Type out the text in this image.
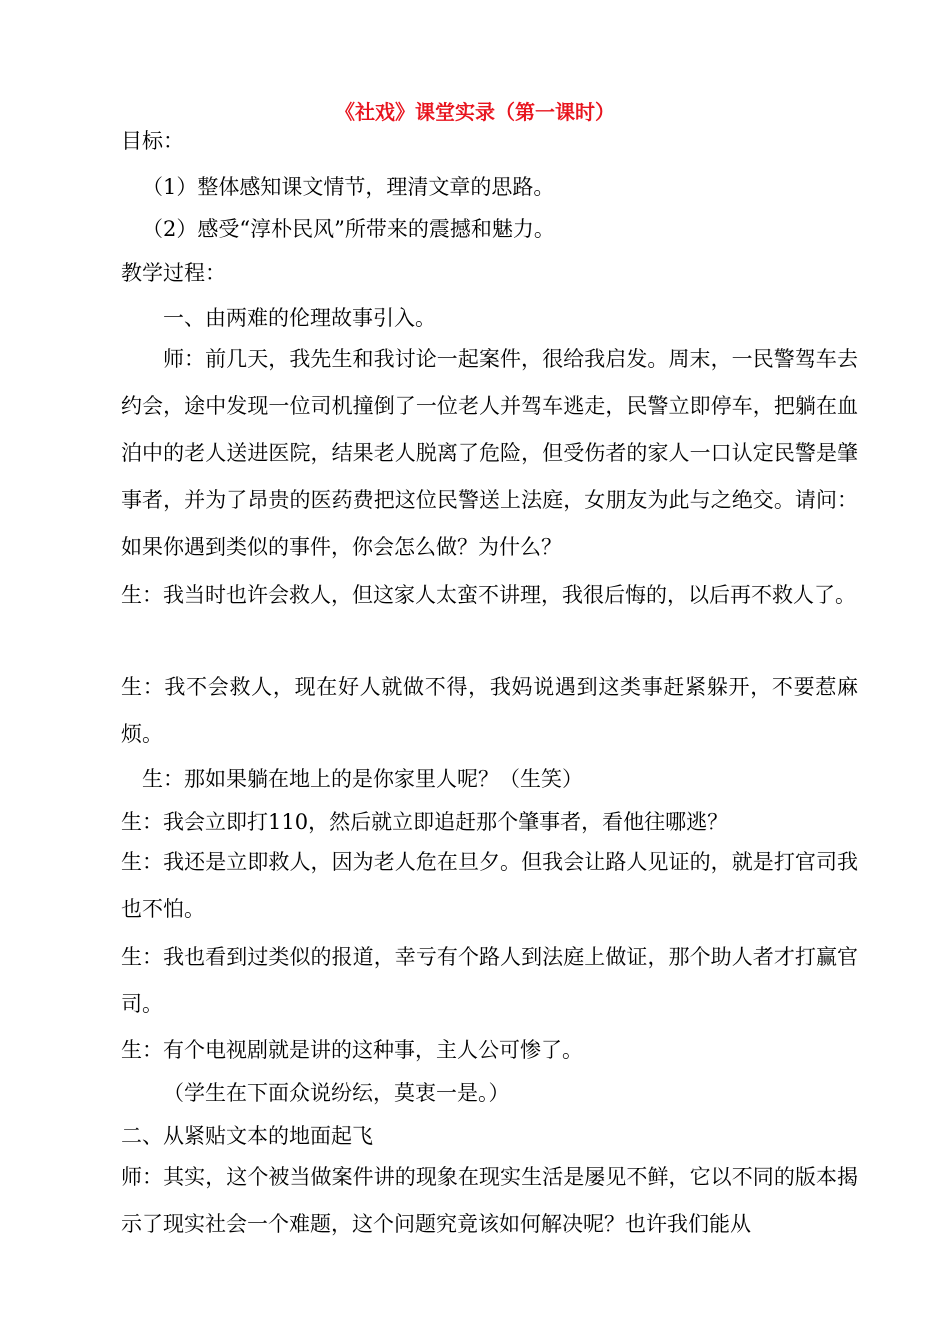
《社戏》课堂实录（第一课时）
目标：
（1）整体感知课文情节，理清文章的思路。
（2）感受“淳朴民风”所带来的震撼和魅力。
教学过程：
一、由两难的伦理故事引入。
师：前几天，我先生和我讨论一起案件，很给我启发。周末，一民警驾车去约会，途中发现一位司机撞倒了一位老人并驾车逃走，民警立即停车，把躺在血泊中的老人送进医院，结果老人脱离了危险，但受伤者的家人一口认定民警是肇事者，并为了昂贵的医药费把这位民警送上法庭，女朋友为此与之绝交。请问：如果你遇到类似的事件，你会怎么做？为什么？
生：我当时也许会救人，但这家人太蛮不讲理，我很后悔的，以后再不救人了。
生：我不会救人，现在好人就做不得，我妈说遇到这类事赶紧躲开，不要惹麻烦。
生：那如果躺在地上的是你家里人呢？（生笑）
生：我会立即打110，然后就立即追赶那个肇事者，看他往哪逃？
生：我还是立即救人，因为老人危在旦夕。但我会让路人见证的，就是打官司我也不怕。
生：我也看到过类似的报道，幸亏有个路人到法庭上做证，那个助人者才打赢官司。
生：有个电视剧就是讲的这种事，主人公可惨了。
（学生在下面众说纷纭，莫衷一是。）
二、从紧贴文本的地面起飞
师：其实，这个被当做案件讲的现象在现实生活是屡见不鲜，它以不同的版本揭示了现实社会一个难题，这个问题究竟该如何解决呢？也许我们能从
